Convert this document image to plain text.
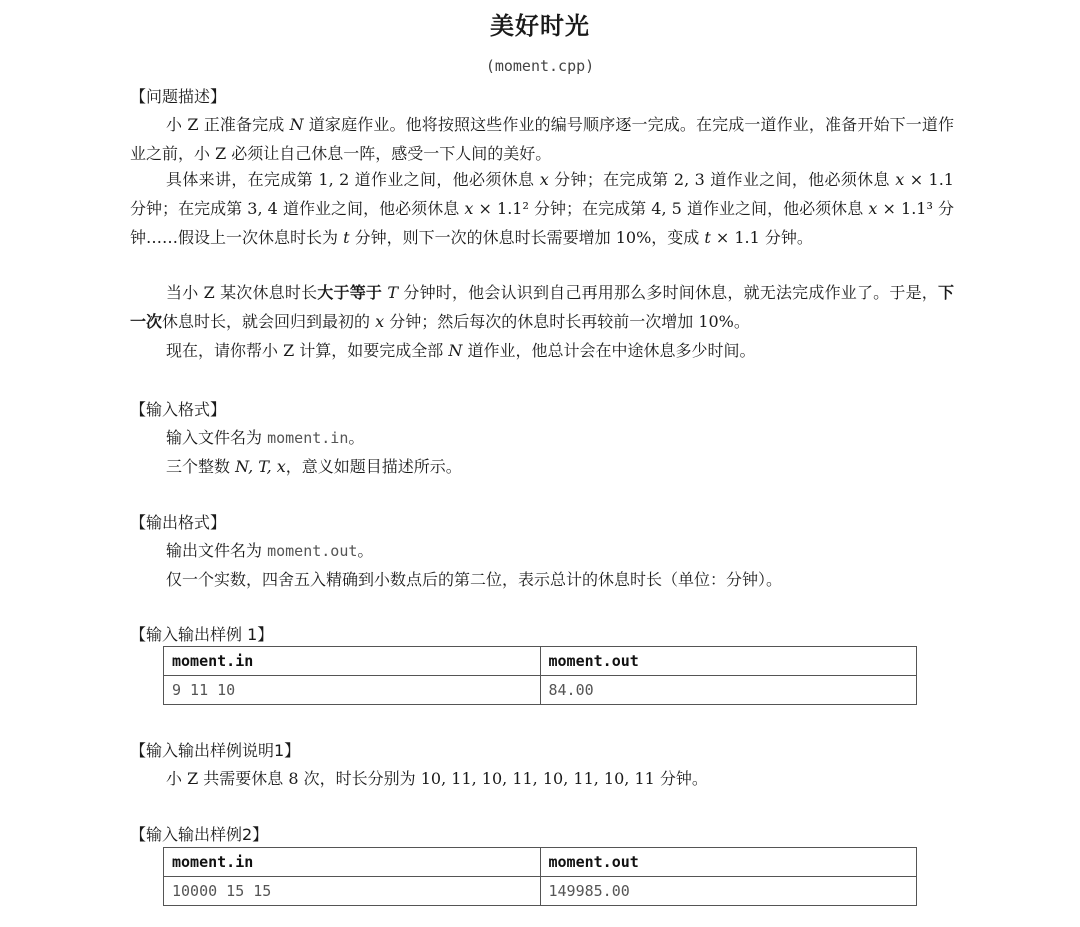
美好时光
(moment.cpp)
【问题描述】
小 Z 正准备完成 N 道家庭作业。他将按照这些作业的编号顺序逐一完成。在完成一道作业，准备开始下一道作业之前，小 Z 必须让自己休息一阵，感受一下人间的美好。
具体来讲，在完成第 1, 2 道作业之间，他必须休息 x 分钟；在完成第 2, 3 道作业之间，他必须休息 x × 1.1 分钟；在完成第 3, 4 道作业之间，他必须休息 x × 1.1² 分钟；在完成第 4, 5 道作业之间，他必须休息 x × 1.1³ 分钟……假设上一次休息时长为 t 分钟，则下一次的休息时长需要增加 10%，变成 t × 1.1 分钟。
当小 Z 某次休息时长大于等于 T 分钟时，他会认识到自己再用那么多时间休息，就无法完成作业了。于是，下一次休息时长，就会回归到最初的 x 分钟；然后每次的休息时长再较前一次增加 10%。
现在，请你帮小 Z 计算，如要完成全部 N 道作业，他总计会在中途休息多少时间。
【输入格式】
输入文件名为 moment.in。
三个整数 N, T, x，意义如题目描述所示。
【输出格式】
输出文件名为 moment.out。
仅一个实数，四舍五入精确到小数点后的第二位，表示总计的休息时长（单位：分钟）。
【输入输出样例 1】
moment.in	moment.out
9 11 10	84.00
【输入输出样例说明1】
小 Z 共需要休息 8 次，时长分别为 10, 11, 10, 11, 10, 11, 10, 11 分钟。
【输入输出样例2】
moment.in	moment.out
10000 15 15	149985.00
